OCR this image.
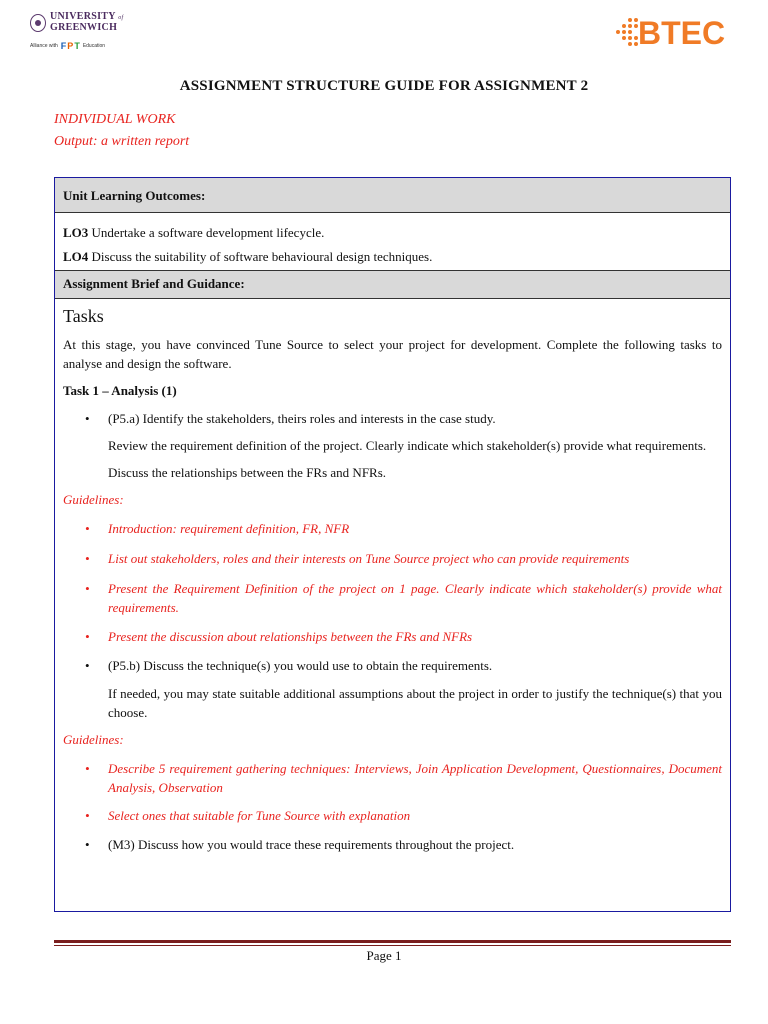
UNIVERSITY of
GREENWICH
Alliance with F P T Education	BTEC
ASSIGNMENT STRUCTURE GUIDE FOR ASSIGNMENT 2
INDIVIDUAL WORK
Output: a written report
Unit Learning Outcomes:

LO3 Undertake a software development lifecycle.

LO4 Discuss the suitability of software behavioural design techniques.

Assignment Brief and Guidance:

Tasks

At this stage, you have convinced Tune Source to select your project for development. Complete the following tasks to analyse and design the software.

Task 1 – Analysis (1)

• (P5.a) Identify the stakeholders, theirs roles and interests in the case study.

Review the requirement definition of the project. Clearly indicate which stakeholder(s) provide what requirements.

Discuss the relationships between the FRs and NFRs.

Guidelines:

• Introduction: requirement definition, FR, NFR

• List out stakeholders, roles and their interests on Tune Source project who can provide requirements

• Present the Requirement Definition of the project on 1 page. Clearly indicate which stakeholder(s) provide what requirements.

• Present the discussion about relationships between the FRs and NFRs

• (P5.b) Discuss the technique(s) you would use to obtain the requirements.

If needed, you may state suitable additional assumptions about the project in order to justify the technique(s) that you choose.

Guidelines:

• Describe 5 requirement gathering techniques: Interviews, Join Application Development, Questionnaires, Document Analysis, Observation

• Select ones that suitable for Tune Source with explanation

• (M3) Discuss how you would trace these requirements throughout the project.

Page 1
